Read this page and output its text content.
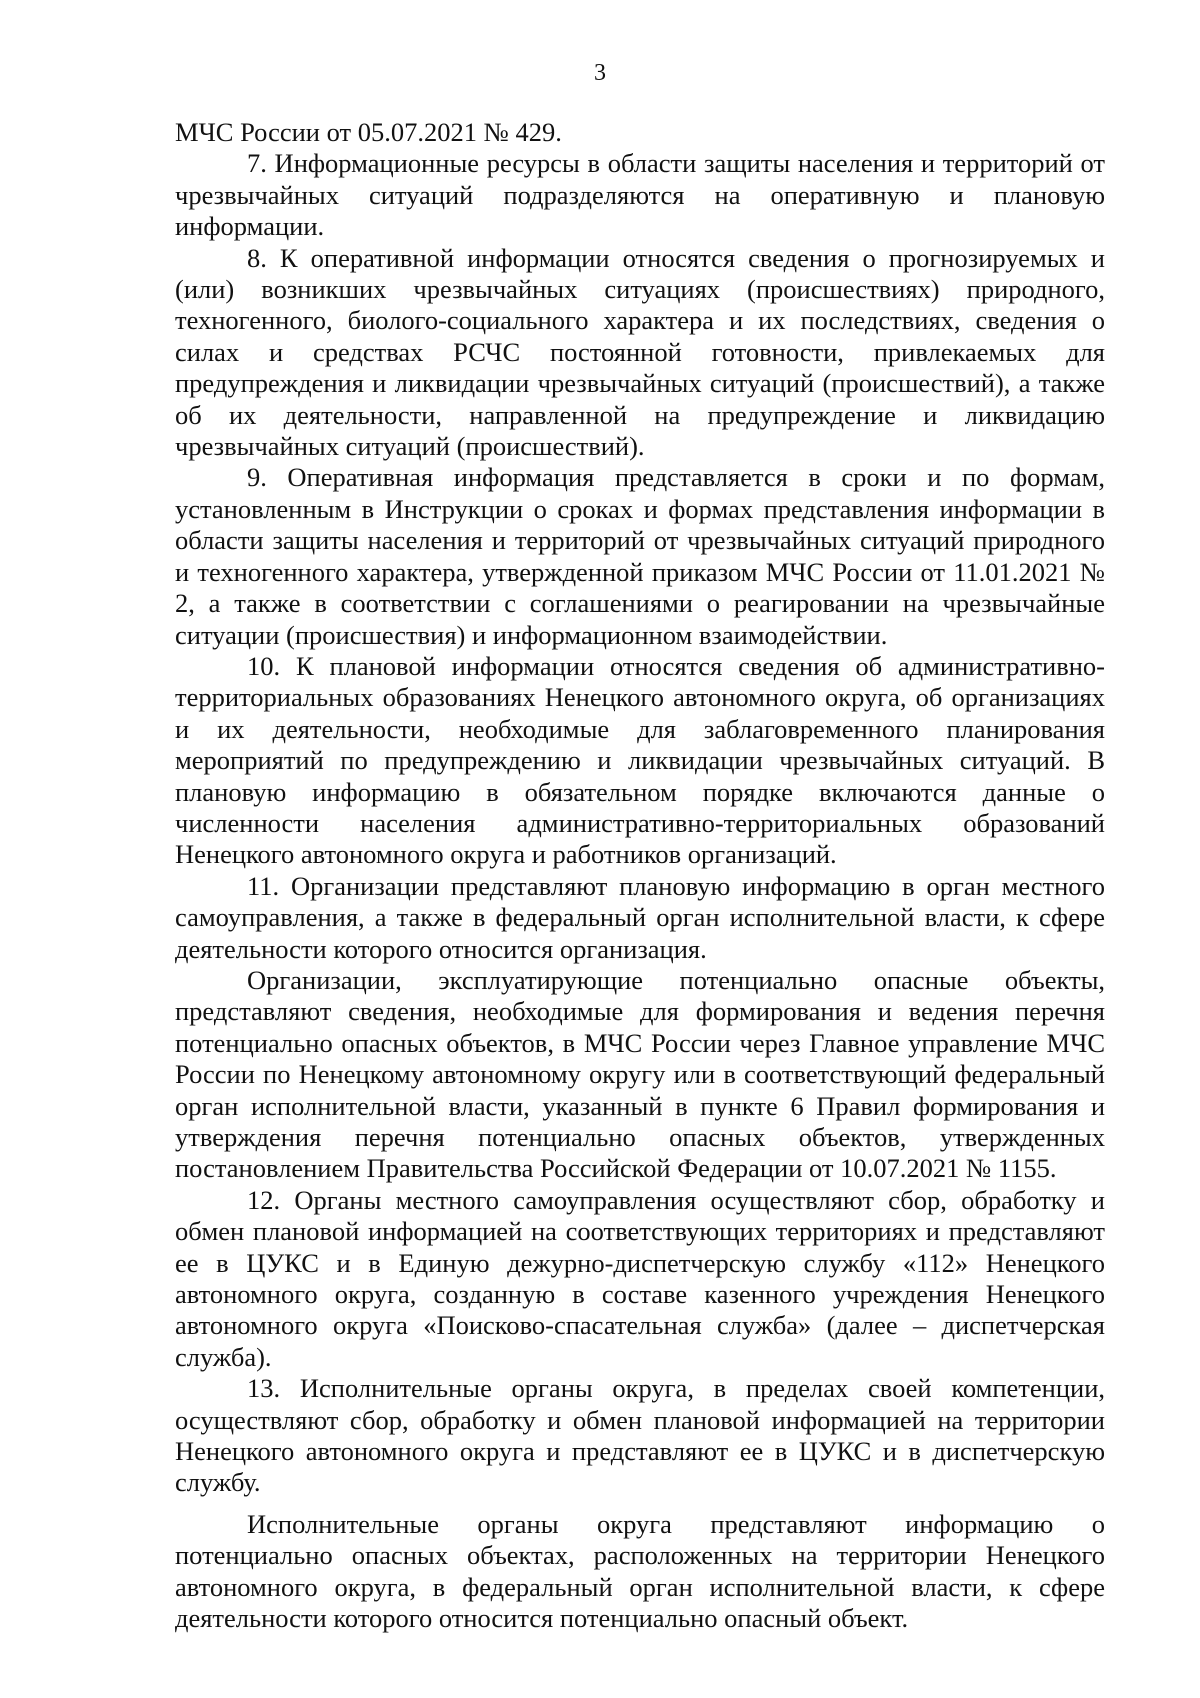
3

МЧС России от 05.07.2021 № 429.

7. Информационные ресурсы в области защиты населения и территорий от чрезвычайных ситуаций подразделяются на оперативную и плановую информации.

8. К оперативной информации относятся сведения о прогнозируемых и (или) возникших чрезвычайных ситуациях (происшествиях) природного, техногенного, биолого-социального характера и их последствиях, сведения о силах и средствах РСЧС постоянной готовности, привлекаемых для предупреждения и ликвидации чрезвычайных ситуаций (происшествий), а также об их деятельности, направленной на предупреждение и ликвидацию чрезвычайных ситуаций (происшествий).

9. Оперативная информация представляется в сроки и по формам, установленным в Инструкции о сроках и формах представления информации в области защиты населения и территорий от чрезвычайных ситуаций природного и техногенного характера, утвержденной приказом МЧС России от 11.01.2021 № 2, а также в соответствии с соглашениями о реагировании на чрезвычайные ситуации (происшествия) и информационном взаимодействии.

10. К плановой информации относятся сведения об административно-территориальных образованиях Ненецкого автономного округа, об организациях и их деятельности, необходимые для заблаговременного планирования мероприятий по предупреждению и ликвидации чрезвычайных ситуаций. В плановую информацию в обязательном порядке включаются данные о численности населения административно-территориальных образований Ненецкого автономного округа и работников организаций.

11. Организации представляют плановую информацию в орган местного самоуправления, а также в федеральный орган исполнительной власти, к сфере деятельности которого относится организация.

Организации, эксплуатирующие потенциально опасные объекты, представляют сведения, необходимые для формирования и ведения перечня потенциально опасных объектов, в МЧС России через Главное управление МЧС России по Ненецкому автономному округу или в соответствующий федеральный орган исполнительной власти, указанный в пункте 6 Правил формирования и утверждения перечня потенциально опасных объектов, утвержденных постановлением Правительства Российской Федерации от 10.07.2021 № 1155.

12. Органы местного самоуправления осуществляют сбор, обработку и обмен плановой информацией на соответствующих территориях и представляют ее в ЦУКС и в Единую дежурно-диспетчерскую службу «112» Ненецкого автономного округа, созданную в составе казенного учреждения Ненецкого автономного округа «Поисково-спасательная служба» (далее – диспетчерская служба).

13. Исполнительные органы округа, в пределах своей компетенции, осуществляют сбор, обработку и обмен плановой информацией на территории Ненецкого автономного округа и представляют ее в ЦУКС и в диспетчерскую службу.

Исполнительные органы округа представляют информацию о потенциально опасных объектах, расположенных на территории Ненецкого автономного округа, в федеральный орган исполнительной власти, к сфере деятельности которого относится потенциально опасный объект.
